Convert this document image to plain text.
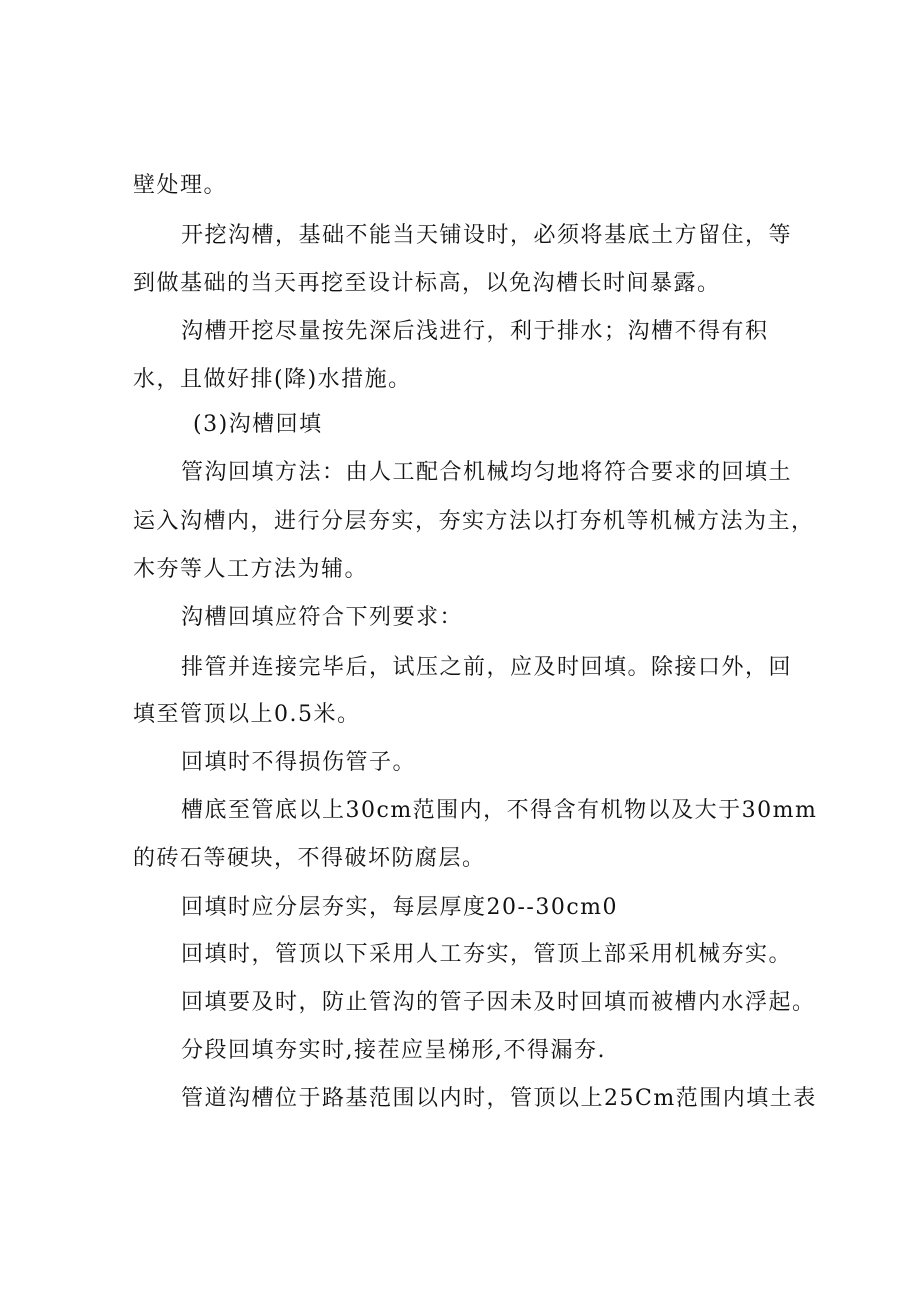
壁处理。
开挖沟槽，基础不能当天铺设时，必须将基底土方留住，等
到做基础的当天再挖至设计标高，以免沟槽长时间暴露。
沟槽开挖尽量按先深后浅进行，利于排水；沟槽不得有积
水，且做好排(降)水措施。
(3)沟槽回填
管沟回填方法：由人工配合机械均匀地将符合要求的回填土
运入沟槽内，进行分层夯实，夯实方法以打夯机等机械方法为主，
木夯等人工方法为辅。
沟槽回填应符合下列要求：
排管并连接完毕后，试压之前，应及时回填。除接口外，回
填至管顶以上0.5米。
回填时不得损伤管子。
槽底至管底以上30cm范围内，不得含有机物以及大于30mm
的砖石等硬块，不得破坏防腐层。
回填时应分层夯实，每层厚度20--30cm0
回填时，管顶以下采用人工夯实，管顶上部采用机械夯实。
回填要及时，防止管沟的管子因未及时回填而被槽内水浮起。
分段回填夯实时,接茬应呈梯形,不得漏夯.
管道沟槽位于路基范围以内时，管顶以上25Cm范围内填土表
